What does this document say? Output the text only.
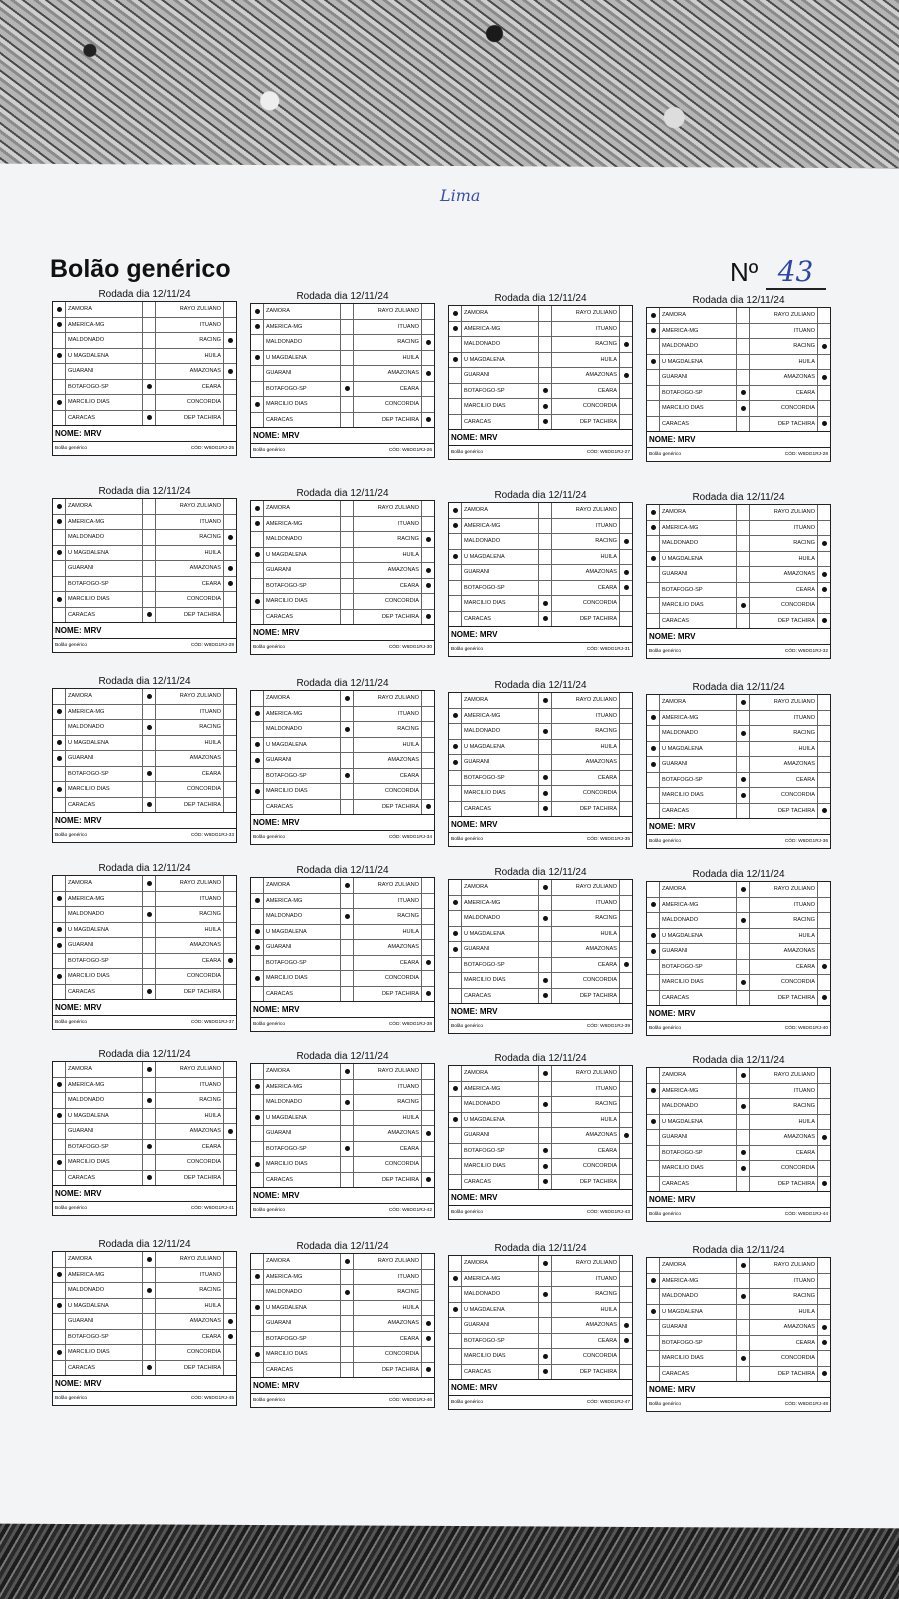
Lima
Bolão genérico	Nº 43
Rodada dia 12/11/24
ZAMORA	RAYO ZULIANO
AMERICA-MG	ITUANO
MALDONADO	RACING
U MAGDALENA	HUILA
GUARANI	AMAZONAS
BOTAFOGO-SP	CEARA
MARCILIO DIAS	CONCORDIA
CARACAS	DEP TACHIRA
NOME: MRV
Bolão genérico	CÓD: W6DG1RJ-25
Rodada dia 12/11/24
ZAMORA	RAYO ZULIANO
AMERICA-MG	ITUANO
MALDONADO	RACING
U MAGDALENA	HUILA
GUARANI	AMAZONAS
BOTAFOGO-SP	CEARA
MARCILIO DIAS	CONCORDIA
CARACAS	DEP TACHIRA
NOME: MRV
Bolão genérico	CÓD: W6DG1RJ-26
Rodada dia 12/11/24
ZAMORA	RAYO ZULIANO
AMERICA-MG	ITUANO
MALDONADO	RACING
U MAGDALENA	HUILA
GUARANI	AMAZONAS
BOTAFOGO-SP	CEARA
MARCILIO DIAS	CONCORDIA
CARACAS	DEP TACHIRA
NOME: MRV
Bolão genérico	CÓD: W6DG1RJ-27
Rodada dia 12/11/24
ZAMORA	RAYO ZULIANO
AMERICA-MG	ITUANO
MALDONADO	RACING
U MAGDALENA	HUILA
GUARANI	AMAZONAS
BOTAFOGO-SP	CEARA
MARCILIO DIAS	CONCORDIA
CARACAS	DEP TACHIRA
NOME: MRV
Bolão genérico	CÓD: W6DG1RJ-28
Rodada dia 12/11/24
ZAMORA	RAYO ZULIANO
AMERICA-MG	ITUANO
MALDONADO	RACING
U MAGDALENA	HUILA
GUARANI	AMAZONAS
BOTAFOGO-SP	CEARA
MARCILIO DIAS	CONCORDIA
CARACAS	DEP TACHIRA
NOME: MRV
Bolão genérico	CÓD: W6DG1RJ-29
Rodada dia 12/11/24
ZAMORA	RAYO ZULIANO
AMERICA-MG	ITUANO
MALDONADO	RACING
U MAGDALENA	HUILA
GUARANI	AMAZONAS
BOTAFOGO-SP	CEARA
MARCILIO DIAS	CONCORDIA
CARACAS	DEP TACHIRA
NOME: MRV
Bolão genérico	CÓD: W6DG1RJ-30
Rodada dia 12/11/24
ZAMORA	RAYO ZULIANO
AMERICA-MG	ITUANO
MALDONADO	RACING
U MAGDALENA	HUILA
GUARANI	AMAZONAS
BOTAFOGO-SP	CEARA
MARCILIO DIAS	CONCORDIA
CARACAS	DEP TACHIRA
NOME: MRV
Bolão genérico	CÓD: W6DG1RJ-31
Rodada dia 12/11/24
ZAMORA	RAYO ZULIANO
AMERICA-MG	ITUANO
MALDONADO	RACING
U MAGDALENA	HUILA
GUARANI	AMAZONAS
BOTAFOGO-SP	CEARA
MARCILIO DIAS	CONCORDIA
CARACAS	DEP TACHIRA
NOME: MRV
Bolão genérico	CÓD: W6DG1RJ-32
Rodada dia 12/11/24
ZAMORA	RAYO ZULIANO
AMERICA-MG	ITUANO
MALDONADO	RACING
U MAGDALENA	HUILA
GUARANI	AMAZONAS
BOTAFOGO-SP	CEARA
MARCILIO DIAS	CONCORDIA
CARACAS	DEP TACHIRA
NOME: MRV
Bolão genérico	CÓD: W6DG1RJ-33
Rodada dia 12/11/24
ZAMORA	RAYO ZULIANO
AMERICA-MG	ITUANO
MALDONADO	RACING
U MAGDALENA	HUILA
GUARANI	AMAZONAS
BOTAFOGO-SP	CEARA
MARCILIO DIAS	CONCORDIA
CARACAS	DEP TACHIRA
NOME: MRV
Bolão genérico	CÓD: W6DG1RJ-34
Rodada dia 12/11/24
ZAMORA	RAYO ZULIANO
AMERICA-MG	ITUANO
MALDONADO	RACING
U MAGDALENA	HUILA
GUARANI	AMAZONAS
BOTAFOGO-SP	CEARA
MARCILIO DIAS	CONCORDIA
CARACAS	DEP TACHIRA
NOME: MRV
Bolão genérico	CÓD: W6DG1RJ-35
Rodada dia 12/11/24
ZAMORA	RAYO ZULIANO
AMERICA-MG	ITUANO
MALDONADO	RACING
U MAGDALENA	HUILA
GUARANI	AMAZONAS
BOTAFOGO-SP	CEARA
MARCILIO DIAS	CONCORDIA
CARACAS	DEP TACHIRA
NOME: MRV
Bolão genérico	CÓD: W6DG1RJ-36
Rodada dia 12/11/24
ZAMORA	RAYO ZULIANO
AMERICA-MG	ITUANO
MALDONADO	RACING
U MAGDALENA	HUILA
GUARANI	AMAZONAS
BOTAFOGO-SP	CEARA
MARCILIO DIAS	CONCORDIA
CARACAS	DEP TACHIRA
NOME: MRV
Bolão genérico	CÓD: W6DG1RJ-37
Rodada dia 12/11/24
ZAMORA	RAYO ZULIANO
AMERICA-MG	ITUANO
MALDONADO	RACING
U MAGDALENA	HUILA
GUARANI	AMAZONAS
BOTAFOGO-SP	CEARA
MARCILIO DIAS	CONCORDIA
CARACAS	DEP TACHIRA
NOME: MRV
Bolão genérico	CÓD: W6DG1RJ-38
Rodada dia 12/11/24
ZAMORA	RAYO ZULIANO
AMERICA-MG	ITUANO
MALDONADO	RACING
U MAGDALENA	HUILA
GUARANI	AMAZONAS
BOTAFOGO-SP	CEARA
MARCILIO DIAS	CONCORDIA
CARACAS	DEP TACHIRA
NOME: MRV
Bolão genérico	CÓD: W6DG1RJ-39
Rodada dia 12/11/24
ZAMORA	RAYO ZULIANO
AMERICA-MG	ITUANO
MALDONADO	RACING
U MAGDALENA	HUILA
GUARANI	AMAZONAS
BOTAFOGO-SP	CEARA
MARCILIO DIAS	CONCORDIA
CARACAS	DEP TACHIRA
NOME: MRV
Bolão genérico	CÓD: W6DG1RJ-40
Rodada dia 12/11/24
ZAMORA	RAYO ZULIANO
AMERICA-MG	ITUANO
MALDONADO	RACING
U MAGDALENA	HUILA
GUARANI	AMAZONAS
BOTAFOGO-SP	CEARA
MARCILIO DIAS	CONCORDIA
CARACAS	DEP TACHIRA
NOME: MRV
Bolão genérico	CÓD: W6DG1RJ-41
Rodada dia 12/11/24
ZAMORA	RAYO ZULIANO
AMERICA-MG	ITUANO
MALDONADO	RACING
U MAGDALENA	HUILA
GUARANI	AMAZONAS
BOTAFOGO-SP	CEARA
MARCILIO DIAS	CONCORDIA
CARACAS	DEP TACHIRA
NOME: MRV
Bolão genérico	CÓD: W6DG1RJ-42
Rodada dia 12/11/24
ZAMORA	RAYO ZULIANO
AMERICA-MG	ITUANO
MALDONADO	RACING
U MAGDALENA	HUILA
GUARANI	AMAZONAS
BOTAFOGO-SP	CEARA
MARCILIO DIAS	CONCORDIA
CARACAS	DEP TACHIRA
NOME: MRV
Bolão genérico	CÓD: W6DG1RJ-43
Rodada dia 12/11/24
ZAMORA	RAYO ZULIANO
AMERICA-MG	ITUANO
MALDONADO	RACING
U MAGDALENA	HUILA
GUARANI	AMAZONAS
BOTAFOGO-SP	CEARA
MARCILIO DIAS	CONCORDIA
CARACAS	DEP TACHIRA
NOME: MRV
Bolão genérico	CÓD: W6DG1RJ-44
Rodada dia 12/11/24
ZAMORA	RAYO ZULIANO
AMERICA-MG	ITUANO
MALDONADO	RACING
U MAGDALENA	HUILA
GUARANI	AMAZONAS
BOTAFOGO-SP	CEARA
MARCILIO DIAS	CONCORDIA
CARACAS	DEP TACHIRA
NOME: MRV
Bolão genérico	CÓD: W6DG1RJ-45
Rodada dia 12/11/24
ZAMORA	RAYO ZULIANO
AMERICA-MG	ITUANO
MALDONADO	RACING
U MAGDALENA	HUILA
GUARANI	AMAZONAS
BOTAFOGO-SP	CEARA
MARCILIO DIAS	CONCORDIA
CARACAS	DEP TACHIRA
NOME: MRV
Bolão genérico	CÓD: W6DG1RJ-46
Rodada dia 12/11/24
ZAMORA	RAYO ZULIANO
AMERICA-MG	ITUANO
MALDONADO	RACING
U MAGDALENA	HUILA
GUARANI	AMAZONAS
BOTAFOGO-SP	CEARA
MARCILIO DIAS	CONCORDIA
CARACAS	DEP TACHIRA
NOME: MRV
Bolão genérico	CÓD: W6DG1RJ-47
Rodada dia 12/11/24
ZAMORA	RAYO ZULIANO
AMERICA-MG	ITUANO
MALDONADO	RACING
U MAGDALENA	HUILA
GUARANI	AMAZONAS
BOTAFOGO-SP	CEARA
MARCILIO DIAS	CONCORDIA
CARACAS	DEP TACHIRA
NOME: MRV
Bolão genérico	CÓD: W6DG1RJ-48
